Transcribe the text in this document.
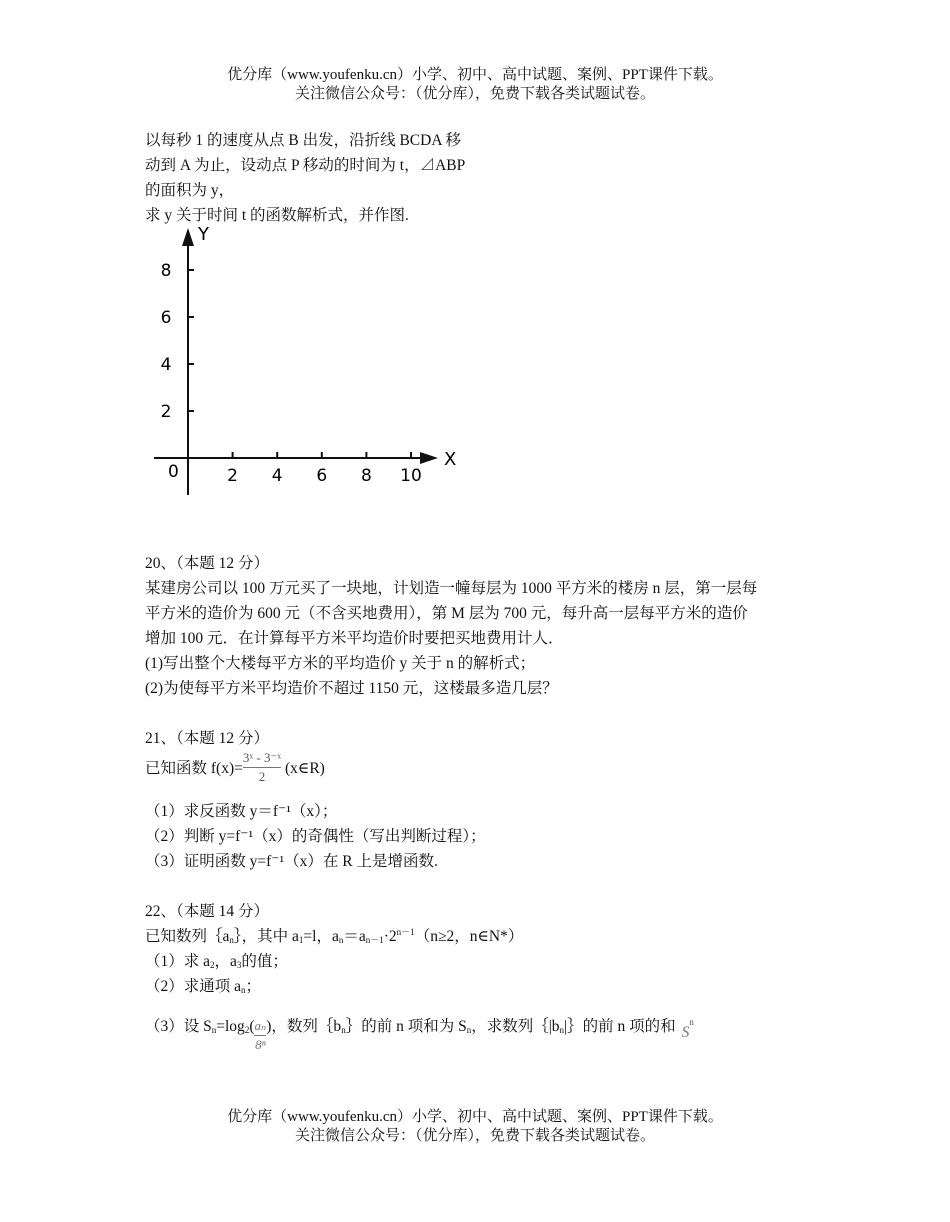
优分库（www.youfenku.cn）小学、初中、高中试题、案例、PPT课件下载。
关注微信公众号：（优分库），免费下载各类试题试卷。
以每秒 1 的速度从点 B 出发，沿折线 BCDA 移
动到 A 为止，设动点 P 移动的时间为 t，⊿ABP
的面积为 y，
求 y 关于时间 t 的函数解析式，并作图.
X
Y
0	2 4 6 8 10
2
4
6
8
20、（本题 12 分）
某建房公司以 100 万元买了一块地，计划造一幢每层为 1000 平方米的楼房 n 层，第一层每
平方米的造价为 600 元（不含买地费用），第 M 层为 700 元，每升高一层每平方米的造价
增加 100 元．在计算每平方米平均造价时要把买地费用计人．
(1)写出整个大楼每平方米的平均造价 y 关于 n 的解析式；
(2)为使每平方米平均造价不超过 1150 元，这楼最多造几层？
21、（本题 12 分）
已知函数 $f(x)= \frac{\text{3ˣ - 3⁻ˣ}}{2}$ (x∈R)
（1）求反函数 y＝f⁻¹（x）；
（2）判断 y=f⁻¹（x）的奇偶性（写出判断过程）；
（3）证明函数 y=f⁻¹（x）在 R 上是增函数.
22、（本题 14 分）
已知数列$\{a_n\}$，其中 $a_1=l$，$a_n=a_{n-1}\cdot 2^{n-1}(n\ge 2$，n∈N*）
（1）求 $a_2$，$a_3$的值；
（2）求通项 $a_n$；
（3）设 $S_n=\log_2( \frac{\text{aₙ}}{\text{8ⁿ}}$ )，数列$\{b_n\}$的前 n 项和为 $S_n$，求数列$\{|b_n|\}$的前 n 项的和 $S^n$
优分库（www.youfenku.cn）小学、初中、高中试题、案例、PPT课件下载。
关注微信公众号：（优分库），免费下载各类试题试卷。
